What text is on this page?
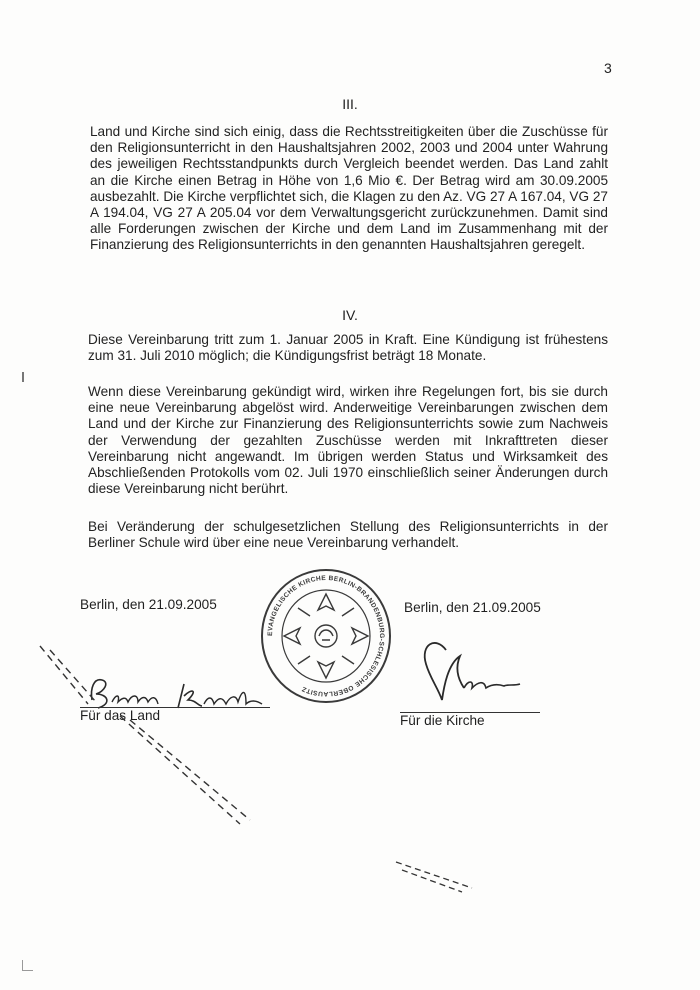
3
III.

Land und Kirche sind sich einig, dass die Rechtsstreitigkeiten über die Zuschüsse für den Religionsunterricht in den Haushaltsjahren 2002, 2003 und 2004 unter Wahrung des jeweiligen Rechtsstandpunkts durch Vergleich beendet werden. Das Land zahlt an die Kirche einen Betrag in Höhe von 1,6 Mio €. Der Betrag wird am 30.09.2005 ausbezahlt. Die Kirche verpflichtet sich, die Klagen zu den Az. VG 27 A 167.04, VG 27 A 194.04, VG 27 A 205.04 vor dem Verwaltungsgericht zurückzunehmen. Damit sind alle Forderungen zwischen der Kirche und dem Land im Zusammenhang mit der Finanzierung des Religionsunterrichts in den genannten Haushaltsjahren geregelt.

IV.

Diese Vereinbarung tritt zum 1. Januar 2005 in Kraft. Eine Kündigung ist frühestens zum 31. Juli 2010 möglich; die Kündigungsfrist beträgt 18 Monate.

Wenn diese Vereinbarung gekündigt wird, wirken ihre Regelungen fort, bis sie durch eine neue Vereinbarung abgelöst wird. Anderweitige Vereinbarungen zwischen dem Land und der Kirche zur Finanzierung des Religionsunterrichts sowie zum Nachweis der Verwendung der gezahlten Zuschüsse werden mit Inkrafttreten dieser Vereinbarung nicht angewandt. Im übrigen werden Status und Wirksamkeit des Abschließenden Protokolls vom 02. Juli 1970 einschließlich seiner Änderungen durch diese Vereinbarung nicht berührt.

Bei Veränderung der schulgesetzlichen Stellung des Religionsunterrichts in der Berliner Schule wird über eine neue Vereinbarung verhandelt.

Berlin, den 21.09.2005
Für das Land
EVANGELISCHE KIRCHE BERLIN-BRANDENBURG-SCHLESISCHE OBERLAUSITZ
Berlin, den 21.09.2005
Für die Kirche
